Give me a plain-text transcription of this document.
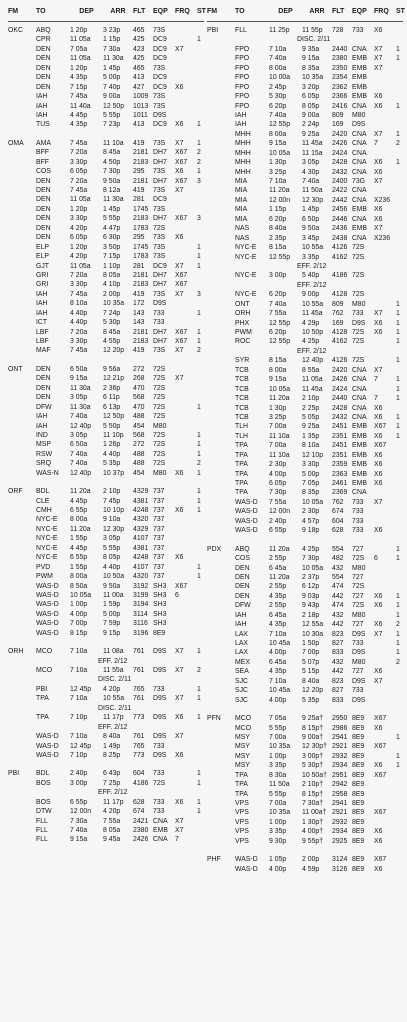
FM	TO	DEP	ARR	FLT	EQP	FRQ	ST
OKC	ABQ	1 20p	3 23p	465	73S
CPR	11 05a	1 15p	425	DC9	1
DEN	7 05a	7 30a	423	DC9	X7
DEN	11 05a	11 30a	425	DC9
DEN	1 20p	1 45p	465	73S
DEN	4 35p	5 00p	413	DC9
DEN	7 15p	7 40p	427	DC9	X6
IAH	7 45a	9 00a	1009 73S
IAH	11 40a	12 50p	1013 73S
IAH	4 45p	5 55p	1011 D9S
TUS	4 35p	7 23p	413	DC9	X6	1
OMA	AMA	7 45a	11 10a	419	73S	X7	1
BFF	7 20a	8 45a	2181 DH7	X67	2
BFF	3 30p	4 50p	2183 DH7	X67	2
COS	6 05p	7 30p	295	73S	X6	1
DEN	7 20a	9 50a	2181 DH7	X67	3
DEN	7 45a	8 12a	419	73S	X7
DEN	11 05a	11 30a	281	DC9
DEN	1 20p	1 45p	1745 73S
DEN	3 30p	5 55p	2183 DH7	X67	3
DEN	4 20p	4 47p	1783 72S
DEN	6 05p	6 30p	295	73S	X6
ELP	1 20p	3 50p	1745 73S	1
ELP	4 20p	7 15p	1783 73S	1
GJT	11 05a	1 10p	281	DC9	X7	1
GRI	7 20a	8 05a	2181 DH7	X67
GRI	3 30p	4 10p	2183 DH7	X67
IAH	7 45a	2 00p	419	73S	X7	3
IAH	8 10a	10 35a	172	D9S
IAH	4 40p	7 24p	143	733	1
ICT	4 40p	5 30p	143	733
LBF	7 20a	8 45a	2181 DH7	X67	1
LBF	3 30p	4 55p	2183 DH7	X67	1
MAF	7 45a	12 20p	419	73S	X7	2
ONT	DEN	6 50a	9 56a	272	72S
DEN	9 15a	12 21p	268	72S	X7
DEN	11 30a	2 36p	470	72S
DEN	3 05p	6 11p	568	72S
DFW	11 30a	6 13p	470	72S	1
IAH	7 40a	12 50p	488	72S
IAH	12 40p	5 50p	454	M80
IND	3 05p	11 10p	568	72S	1
MSP	6 50a	1 26p	272	72S	1
RSW	7 40a	4 40p	488	72S	1
SRQ	7 40a	5 35p	488	72S	2
WAS-N	12 40p	10 37p	454	M80	X6	1
ORF	BDL	11 20a	2 10p	4329 737	1
CLE	4 45p	7 45p	4381 737	1
CMH	6 55p	10 10p	4248 737	X6	1
NYC-E	8 00a	9 10a	4320 737
NYC-E	11 20a	12 30p	4329 737
NYC-E	1 55p	3 05p	4107 737
NYC-E	4 45p	5 55p	4381 737
NYC-E	6 55p	8 05p	4248 737	X6
PVD	1 55p	4 40p	4107 737	1
PWM	8 00a	10 50a	4320 737	1
WAS-D	8 50a	9 50a	3192 SH3	X67
WAS-D	10 05a	11 00a	3199 SH3	6
WAS-D	1 00p	1 59p	3194 SH3
WAS-D	4 00p	5 00p	3114 SH3
WAS-D	7 00p	7 59p	3116 SH3
WAS-D	8 15p	9 15p	3196 8E9
ORH	MCO	7 10a	11 08a	761	D9S	X7	1
EFF. 2/12
MCO	7 10a	11 55a	761	D9S	X7	2
DISC. 2/11
PBI	12 45p	4 20p	765	733	1
TPA	7 10a	10 55a	761	D9S	X7	1
DISC. 2/11
TPA	7 10p	11 17p	773	D9S	X6	1
EFF. 2/12
WAS-D	7 10a	8 40a	761	D9S	X7
WAS-D	12 45p	1 49p	765	733
WAS-D	7 10p	8 25p	773	D9S	X6
PBI	BDL	2 40p	6 43p	604	733	1
BOS	3 00p	7 25p	4186 72S	1
EFF. 2/12
BOS	6 55p	11 17p	628	733	X6	1
DTW	12 00n	4 20p	674	733	1
FLL	7 30a	7 55a	2421 CNA	X7
FLL	7 40a	8 05a	2380 EMB	X7
FLL	9 15a	9 45a	2426 CNA	7
FM	TO	DEP	ARR	FLT	EQP	FRQ	ST
PBI	FLL	11 25p	11 55p	728	733	X6
DISC. 2/11
FPO	7 10a	9 35a	2440 CNA	X7	1
FPO	7 40a	9 15a	2380 EMB	X7	1
FPO	8 00a	8 35a	2350 EMB	X7
FPO	10 00a	10 35a	2354 EMB
FPO	2 45p	3 20p	2362 EMB
FPO	5 30p	6 05p	2366 EMB	X6
FPO	6 20p	8 05p	2416 CNA	X6	1
IAH	7 40a	9 00a	809	M80
IAH	12 55p	2 24p	169	D9S
MHH	8 00a	9 25a	2420 CNA	X7	1
MHH	9 15a	11 45a	2426 CNA	7	2
MHH	10 05a	11 15a	2424 CNA
MHH	1 30p	3 05p	2428 CNA	X6	1
MHH	3 25p	4 30p	2432 CNA	X6
MIA	7 10a	7 40a	2400 73G	X7
MIA	11 20a	11 50a	2422 CNA
MIA	12 00n	12 30p	2442 CNA	X236
MIA	1 15p	1 45p	2456 EMB	X6
MIA	6 20p	6 50p	2446 CNA	X6
NAS	8 40a	9 50a	2436 EMB	X7
NAS	2 35p	3 45p	2438 CNA	X236
NYC-E	8 15a	10 55a	4126 72S
NYC-E	12 55p	3 35p	4162 72S
EFF. 2/12
NYC-E	3 00p	5 40p	4186 72S
EFF. 2/12
NYC-E	6 20p	9 00p	4128 72S
ONT	7 40a	10 55a	809	M80	1
ORH	7 55a	11 45a	762	733	X7	1
PHX	12 55p	4 29p	169	D9S	X6	1
PWM	6 20p	10 50p	4128 72S	X6	1
ROC	12 55p	4 25p	4162 72S	1
EFF. 2/12
SYR	8 15a	12 40p	4126 72S	1
TCB	8 00a	8 55a	2420 CNA	X7
TCB	9 15a	11 05a	2426 CNA	7	1
TCB	10 05a	11 45a	2424 CNA	1
TCB	11 20a	2 10p	2440 CNA	7	1
TCB	1 30p	2 25p	2428 CNA	X6
TCB	3 25p	5 05p	2432 CNA	X6	1
TLH	7 00a	9 25a	2451 EMB	X67	1
TLH	11 10a	1 35p	2351 EMB	X6	1
TPA	7 00a	8 10a	2451 EMB	X67
TPA	11 10a	12 10p	2351 EMB	X6
TPA	2 30p	3 30p	2359 EMB	X6
TPA	4 00p	5 00p	2363 EMB	X6
TPA	6 05p	7 05p	2461 EMB	X6
TPA	7 30p	8 35p	2369 CNA
WAS-D	7 55a	10 05a	762	733	X7
WAS-D	12 00n	2 30p	674	733
WAS-D	2 40p	4 57p	604	733
WAS-D	6 55p	9 18p	628	733	X6
PDX	ABQ	11 20a	4 25p	554	727	1
COS	2 55p	7 30p	482	72S	6	1
DEN	6 45a	10 05a	432	M80
DEN	11 20a	2 37p	554	727
DEN	2 55p	6 12p	474	72S
DEN	4 35p	9 03p	442	727	X6	1
DFW	2 55p	9 43p	474	72S	X6	1
IAH	6 45a	2 18p	432	M80	1
IAH	4 35p	12 55a	442	727	X6	2
LAX	7 10a	10 30a	823	D9S	X7	1
LAX	10 45a	1 50p	827	733	1
LAX	4 00p	7 00p	833	D9S	1
MEX	6 45a	5 07p	432	M80	2
SEA	4 35p	5 15p	442	727	X6
SJC	7 10a	8 40a	823	D9S	X7
SJC	10 45a	12 20p	827	733
SJC	4 00p	5 35p	833	D9S
PFN	MCO	7 05a	9 25a†	2950 8E9	X67
MCO	5 55p	8 15p†	2986 8E9	X6
MSY	7 00a	9 00a†	2941 8E9	1
MSY	10 35a	12 30p† 2921 8E9	X67
MSY	1 00p	3 00p†	2932 8E9	1
MSY	3 35p	5 30p†	2934 8E9	X6	1
TPA	8 30a	10 50a† 2951 8E9	X67
TPA	11 50a	2 10p†	2942 8E9
TPA	5 55p	8 15p†	2958 8E9
VPS	7 00a	7 30a†	2941 8E9
VPS	10 35a	11 00a† 2921 8E9	X67
VPS	1 00p	1 30p†	2932 8E9
VPS	3 35p	4 00p†	2934 8E9	X6
VPS	9 30p	9 55p†	2925 8E9	X6
PHF	WAS-D	1 05p	2 00p	3124 8E9	X67
WAS-D	4 00p	4 59p	3126 8E9	X6
